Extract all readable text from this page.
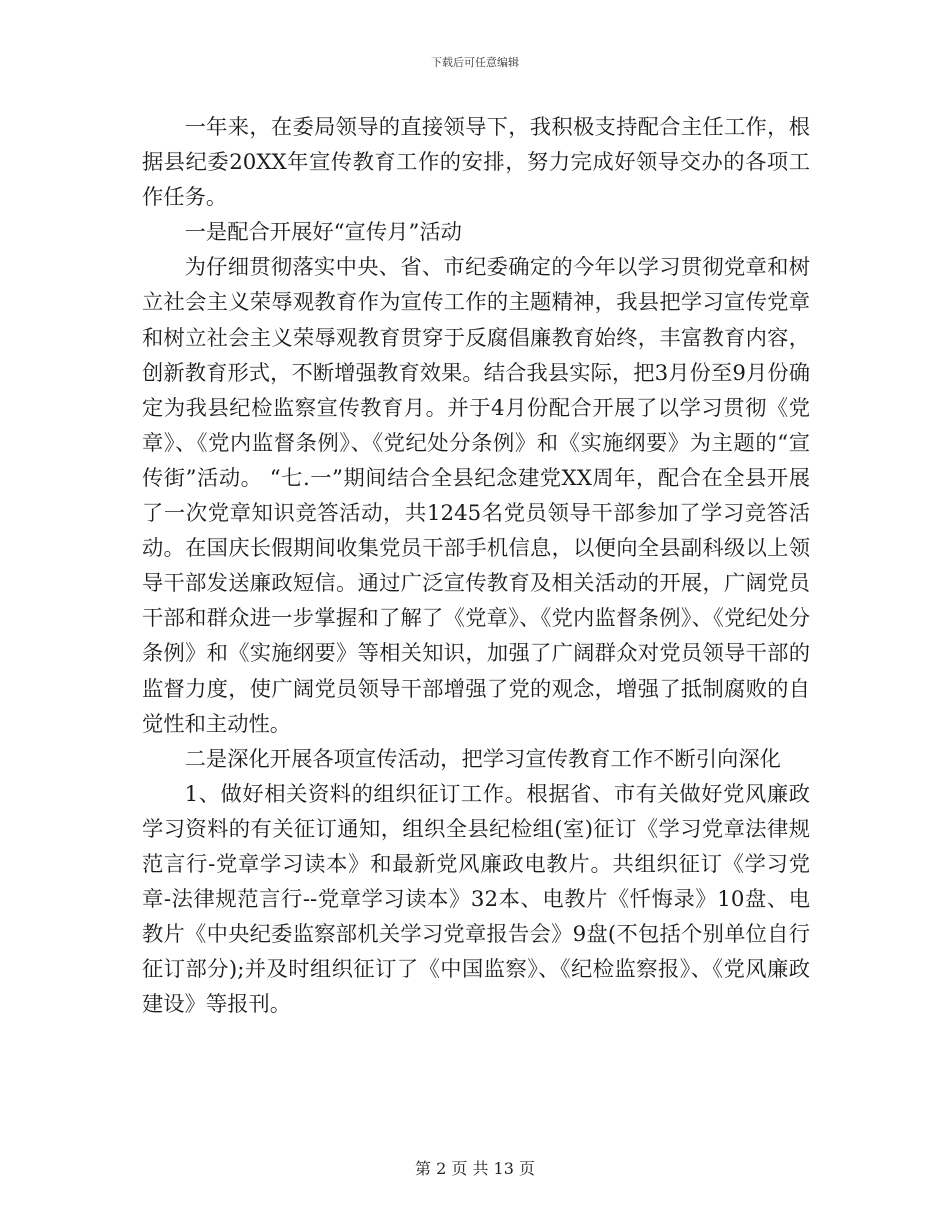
下载后可任意编辑

一年来，在委局领导的直接领导下，我积极支持配合主任工作，根据县纪委20XX年宣传教育工作的安排，努力完成好领导交办的各项工作任务。

一是配合开展好“宣传月”活动

为仔细贯彻落实中央、省、市纪委确定的今年以学习贯彻党章和树立社会主义荣辱观教育作为宣传工作的主题精神，我县把学习宣传党章和树立社会主义荣辱观教育贯穿于反腐倡廉教育始终，丰富教育内容，创新教育形式，不断增强教育效果。结合我县实际，把3月份至9月份确定为我县纪检监察宣传教育月。并于4月份配合开展了以学习贯彻《党章》、《党内监督条例》、《党纪处分条例》和《实施纲要》为主题的“宣传街”活动。 “七.一”期间结合全县纪念建党XX周年，配合在全县开展了一次党章知识竞答活动，共1245名党员领导干部参加了学习竞答活动。在国庆长假期间收集党员干部手机信息，以便向全县副科级以上领导干部发送廉政短信。通过广泛宣传教育及相关活动的开展，广阔党员干部和群众进一步掌握和了解了《党章》、《党内监督条例》、《党纪处分条例》和《实施纲要》等相关知识，加强了广阔群众对党员领导干部的监督力度，使广阔党员领导干部增强了党的观念，增强了抵制腐败的自觉性和主动性。

二是深化开展各项宣传活动，把学习宣传教育工作不断引向深化

1、做好相关资料的组织征订工作。根据省、市有关做好党风廉政学习资料的有关征订通知，组织全县纪检组(室)征订《学习党章法律规范言行-党章学习读本》和最新党风廉政电教片。共组织征订《学习党章-法律规范言行--党章学习读本》32本、电教片《忏悔录》10盘、电教片《中央纪委监察部机关学习党章报告会》9盘(不包括个别单位自行征订部分);并及时组织征订了《中国监察》、《纪检监察报》、《党风廉政建设》等报刊。

第 2 页 共 13 页
